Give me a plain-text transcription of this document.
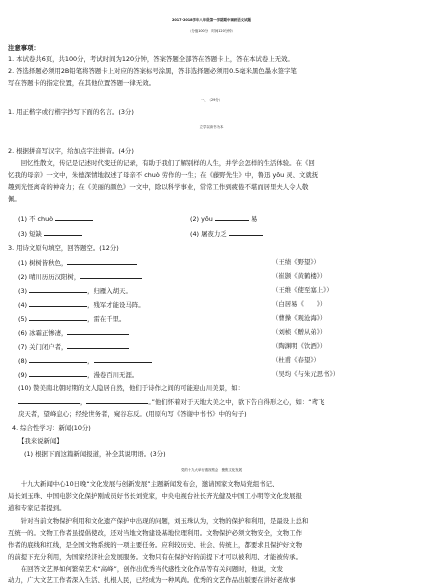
2017-2018学年八年级第一学期期中调研语文试题
（分值100分　时间120分钟）
注意事项：
1. 本试卷共6页，共100分，考试时间为120分钟，答案答题全部答在答题卡上，答在本试卷上无效。
2. 答选择题必须用2B铅笔将答题卡上对应的答案标号涂黑，答非选择题必须用0.5毫米黑色墨水签字笔
写在答题卡的指定位置，在其他位置答题一律无效。
一、（29分）
1. 用正楷字或行楷字抄写下面的名言。(3分)
立学以读书为本
2. 根据拼音写汉字，给加点字注拼音。(4分)
　　回忆性散文，传记是记述时代变迁的记录，有助于我们了解别样的人生，并学会怎样的生活体验。在《回
忆我的母亲》一文中，朱德深情地叙述了母亲不 chuò 劳作的一生；在《藤野先生》中，鲁迅 yōu 灵、文就抚
趣到光怪离奇的神奇力；在《美丽的颜色》一文中，除以科学事业，常常工作到疲倦不堪而居里夫人令人敬
佩。
(1) 不 chuò	(2) yōu	易
(3) 短缺	(4) 屠夜力乏
3. 用诗文原句填空，回答题空。(12分)
(1) 树树皆秋色，	（王绩《野望》）
(2) 晴川历历汉阳树，	（崔颢《黄鹤楼》）
(3)	，归雁入胡天。	（王维《使至塞上》）
(4)	，残军才能设马阵。	（白居易《　　》）
(5)	，雷在千里。	（曹操《观沧海》）
(6) 冰霜正惨凄，	（刘桢《赠从弟》）
(7) 关门闭户者，	（陶渊明《饮酒》）
(8)	，	（杜甫《春望》）
(9)	，漫卷百川无涯。	（吴均《与朱元思书》）
(10) 赞美南北朝时期的文人隐居自然，他们于诗作之间的可能迎山川美景，如：
，	。”他们怀着对于天地大美之中，欲下告自得形之心，如：“鸢飞
戾天者，望峰息心；经纶世务者，窥谷忘反。(用原句写《答谢中书书》中的句子)
4. 综合性学习：新闻(10分)
【我来说新闻】
(1) 根据下面这篇新闻报道，补全其说明语。(3分)
党的十九大举行惠视察会　聚焦文化发展
　　十九大新闻中心10日晚“文化发展与创新发展”主题新闻发布会，邀请国家文物局党组书记、
局长刘玉珠、中国电影文化保护刚成员好书长刘党家，中央电视台社长齐光健及中国工小明等文化发展报
道和专家记者提到。
　　针对当前文物保护利用和文化遗产保护中出现的问题，刘玉珠认为，文物的保护和利用，是最设上总和
互统一的。文物工作者虽提倡使改，还对当地文物建设基地位理利用。文物保护必须文物安全，文物工作
作者的底线和红线，是全国文物系统的一项主要任务。应利较历史、社会、传统上，都要求且保护好文物
的前提下充分利用，为国家经济社会发展服务。文物只有在保护好的前提下才可以被利用、才能被传承。
　　在回答文艺界如何繁荣艺术“高峰”，创作出优秀当代感性文化作品等有关问题时，他说，文发
动力，广大文艺工作者深入生活、扎根人民，已经成为一种风尚。优秀的文艺作品出版要在讲好老故事
